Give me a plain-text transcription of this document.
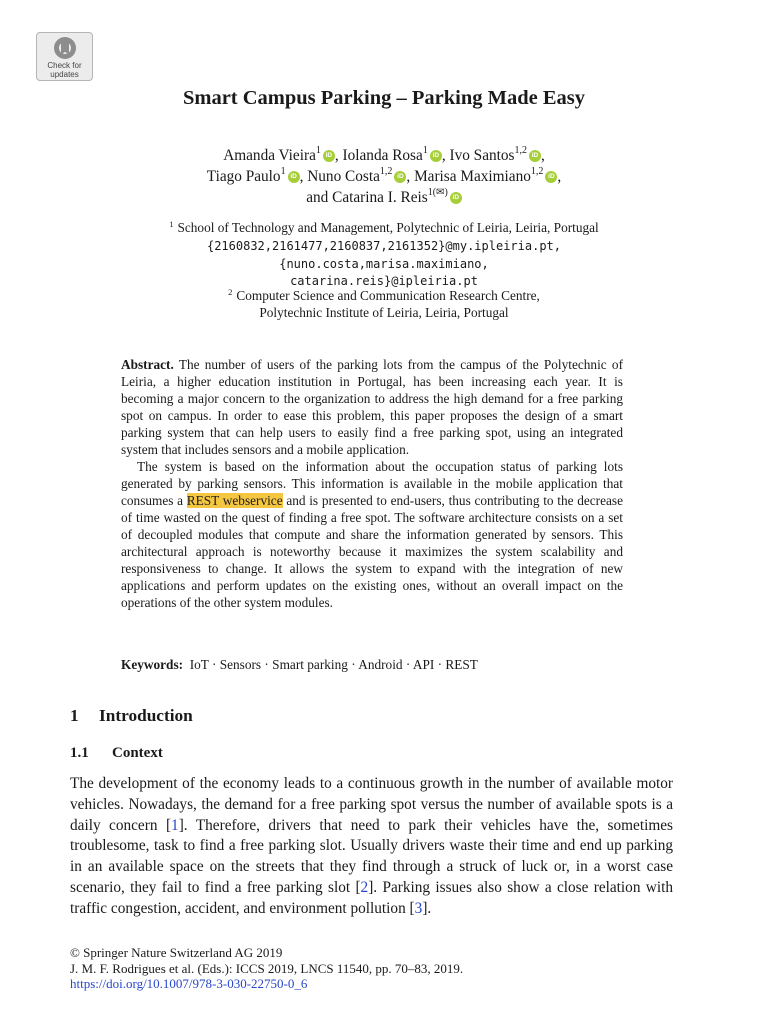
Check for
updates
Smart Campus Parking – Parking Made Easy
Amanda Vieira$^1$iD , Iolanda Rosa$^1$iD , Ivo Santos$^{1,2}$iD ,
Tiago Paulo$^1$iD , Nuno Costa$^{1,2}$iD , Marisa Maximiano$^{1,2}$iD ,
and Catarina I. Reis$^{1(✉)}$iD
$^1$ School of Technology and Management, Polytechnic of Leiria, Leiria, Portugal
{2160832,2161477,2160837,2161352}@my.ipleiria.pt,
{nuno.costa,marisa.maximiano,
catarina.reis}@ipleiria.pt
$^2$ Computer Science and Communication Research Centre,
Polytechnic Institute of Leiria, Leiria, Portugal

Abstract. The number of users of the parking lots from the campus of the Polytechnic of Leiria, a higher education institution in Portugal, has been increasing each year. It is becoming a major concern to the organization to address the high demand for a free parking spot on campus. In order to ease this problem, this paper proposes the design of a smart parking system that can help users to easily find a free parking spot, using an integrated system that includes sensors and a mobile application.

The system is based on the information about the occupation status of parking lots generated by parking sensors. This information is available in the mobile application that consumes a REST webservice and is presented to end-users, thus contributing to the decrease of time wasted on the quest of finding a free spot. The software architecture consists on a set of decoupled modules that compute and share the information generated by sensors. This architectural approach is noteworthy because it maximizes the system scalability and responsiveness to change. It allows the system to expand with the integration of new applications and perform updates on the existing ones, without an overall impact on the operations of the other system modules.

Keywords: IoT · Sensors · Smart parking · Android · API · REST
1 Introduction
1.1 Context
The development of the economy leads to a continuous growth in the number of available motor vehicles. Nowadays, the demand for a free parking spot versus the number of available spots is a daily concern [1]. Therefore, drivers that need to park their vehicles have the, sometimes troublesome, task to find a free parking slot. Usually drivers waste their time and end up parking in an available space on the streets that they find through a struck of luck or, in a worst case scenario, they fail to find a free parking slot [2]. Parking issues also show a close relation with traffic congestion, accident, and environment pollution [3].
© Springer Nature Switzerland AG 2019
J. M. F. Rodrigues et al. (Eds.): ICCS 2019, LNCS 11540, pp. 70–83, 2019.
https://doi.org/10.1007/978-3-030-22750-0_6
